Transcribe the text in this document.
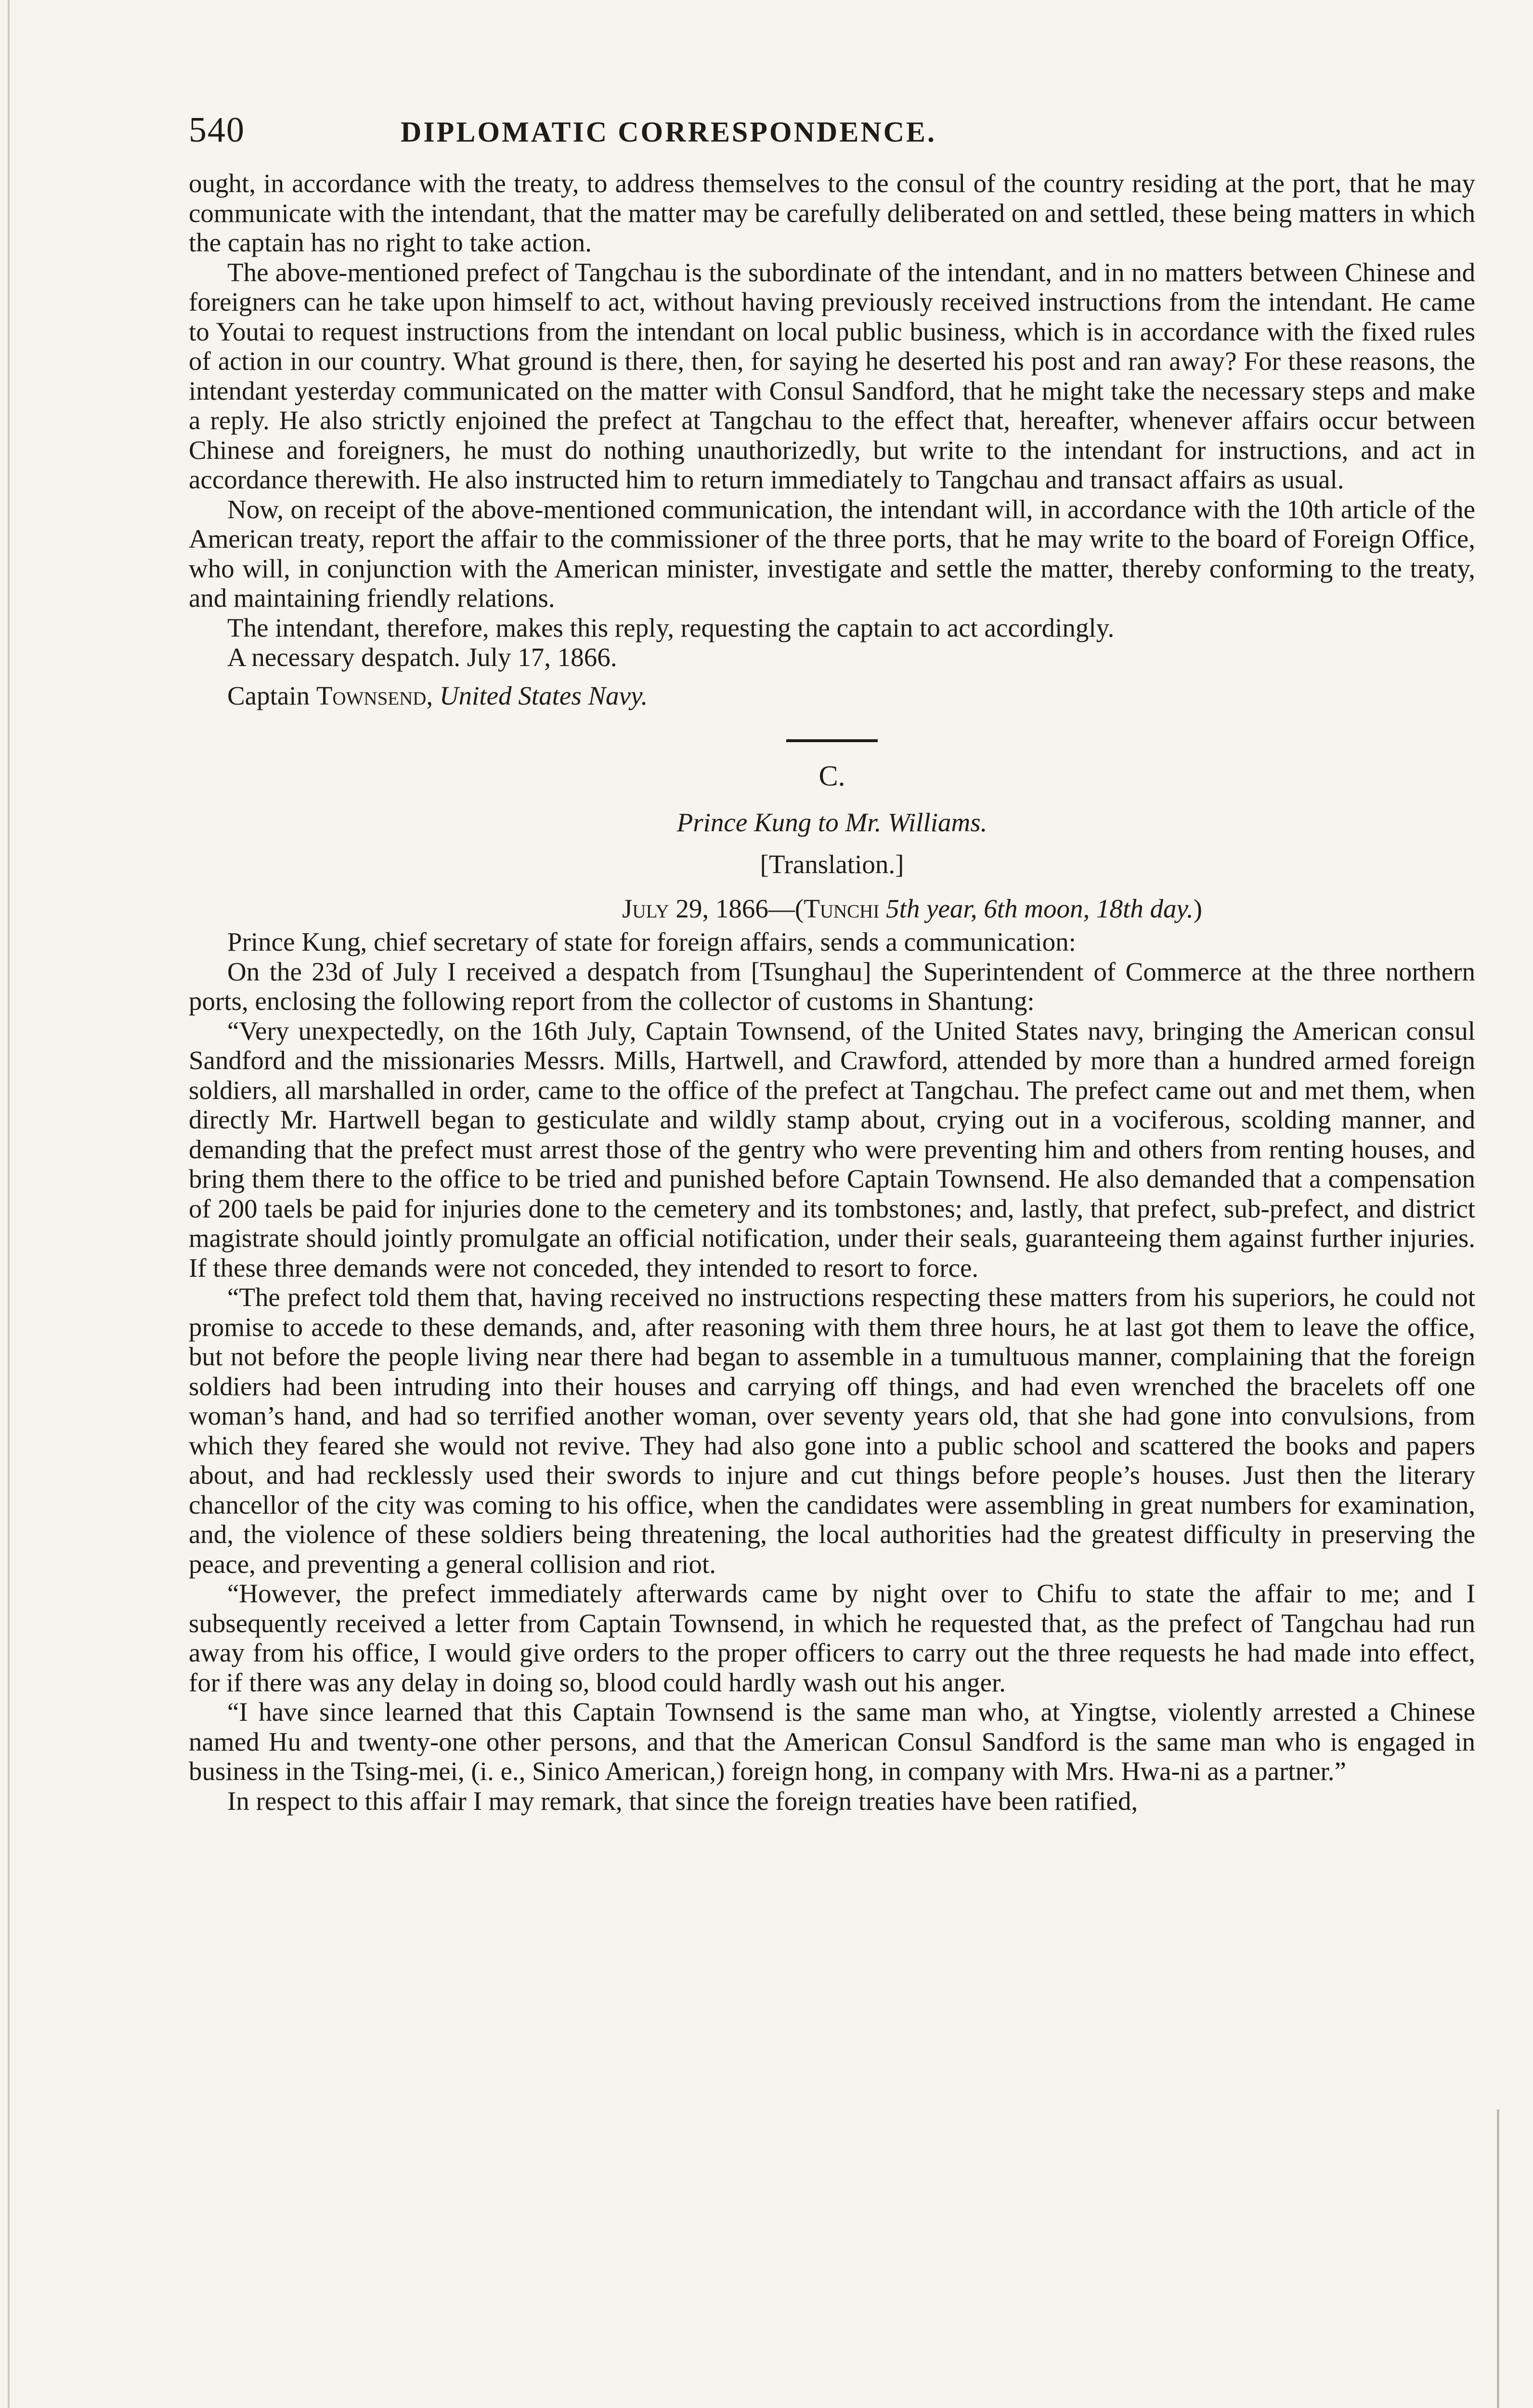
540	DIPLOMATIC CORRESPONDENCE.

ought, in accordance with the treaty, to address themselves to the consul of the country residing at the port, that he may communicate with the intendant, that the matter may be carefully deliberated on and settled, these being matters in which the captain has no right to take action.

The above-mentioned prefect of Tangchau is the subordinate of the intendant, and in no matters between Chinese and foreigners can he take upon himself to act, without having previously received instructions from the intendant. He came to Youtai to request instructions from the intendant on local public business, which is in accordance with the fixed rules of action in our country. What ground is there, then, for saying he deserted his post and ran away? For these reasons, the intendant yesterday communicated on the matter with Consul Sandford, that he might take the necessary steps and make a reply. He also strictly enjoined the prefect at Tangchau to the effect that, hereafter, whenever affairs occur between Chinese and foreigners, he must do nothing unauthorizedly, but write to the intendant for instructions, and act in accordance therewith. He also instructed him to return immediately to Tangchau and transact affairs as usual.

Now, on receipt of the above-mentioned communication, the intendant will, in accordance with the 10th article of the American treaty, report the affair to the commissioner of the three ports, that he may write to the board of Foreign Office, who will, in conjunction with the American minister, investigate and settle the matter, thereby conforming to the treaty, and maintaining friendly relations.

The intendant, therefore, makes this reply, requesting the captain to act accordingly.

A necessary despatch. July 17, 1866.

Captain Townsend, United States Navy.

C.

Prince Kung to Mr. Williams.

[Translation.]

July 29, 1866—(Tunchi 5th year, 6th moon, 18th day.)

Prince Kung, chief secretary of state for foreign affairs, sends a communication:

On the 23d of July I received a despatch from [Tsunghau] the Superintendent of Commerce at the three northern ports, enclosing the following report from the collector of customs in Shantung:

“Very unexpectedly, on the 16th July, Captain Townsend, of the United States navy, bringing the American consul Sandford and the missionaries Messrs. Mills, Hartwell, and Crawford, attended by more than a hundred armed foreign soldiers, all marshalled in order, came to the office of the prefect at Tangchau. The prefect came out and met them, when directly Mr. Hartwell began to gesticulate and wildly stamp about, crying out in a vociferous, scolding manner, and demanding that the prefect must arrest those of the gentry who were preventing him and others from renting houses, and bring them there to the office to be tried and punished before Captain Townsend. He also demanded that a compensation of 200 taels be paid for injuries done to the cemetery and its tombstones; and, lastly, that prefect, sub-prefect, and district magistrate should jointly promulgate an official notification, under their seals, guaranteeing them against further injuries. If these three demands were not conceded, they intended to resort to force.

“The prefect told them that, having received no instructions respecting these matters from his superiors, he could not promise to accede to these demands, and, after reasoning with them three hours, he at last got them to leave the office, but not before the people living near there had began to assemble in a tumultuous manner, complaining that the foreign soldiers had been intruding into their houses and carrying off things, and had even wrenched the bracelets off one woman’s hand, and had so terrified another woman, over seventy years old, that she had gone into convulsions, from which they feared she would not revive. They had also gone into a public school and scattered the books and papers about, and had recklessly used their swords to injure and cut things before people’s houses. Just then the literary chancellor of the city was coming to his office, when the candidates were assembling in great numbers for examination, and, the violence of these soldiers being threatening, the local authorities had the greatest difficulty in preserving the peace, and preventing a general collision and riot.

“However, the prefect immediately afterwards came by night over to Chifu to state the affair to me; and I subsequently received a letter from Captain Townsend, in which he requested that, as the prefect of Tangchau had run away from his office, I would give orders to the proper officers to carry out the three requests he had made into effect, for if there was any delay in doing so, blood could hardly wash out his anger.

“I have since learned that this Captain Townsend is the same man who, at Yingtse, violently arrested a Chinese named Hu and twenty-one other persons, and that the American Consul Sandford is the same man who is engaged in business in the Tsing-mei, (i. e., Sinico American,) foreign hong, in company with Mrs. Hwa-ni as a partner.”

In respect to this affair I may remark, that since the foreign treaties have been ratified,
